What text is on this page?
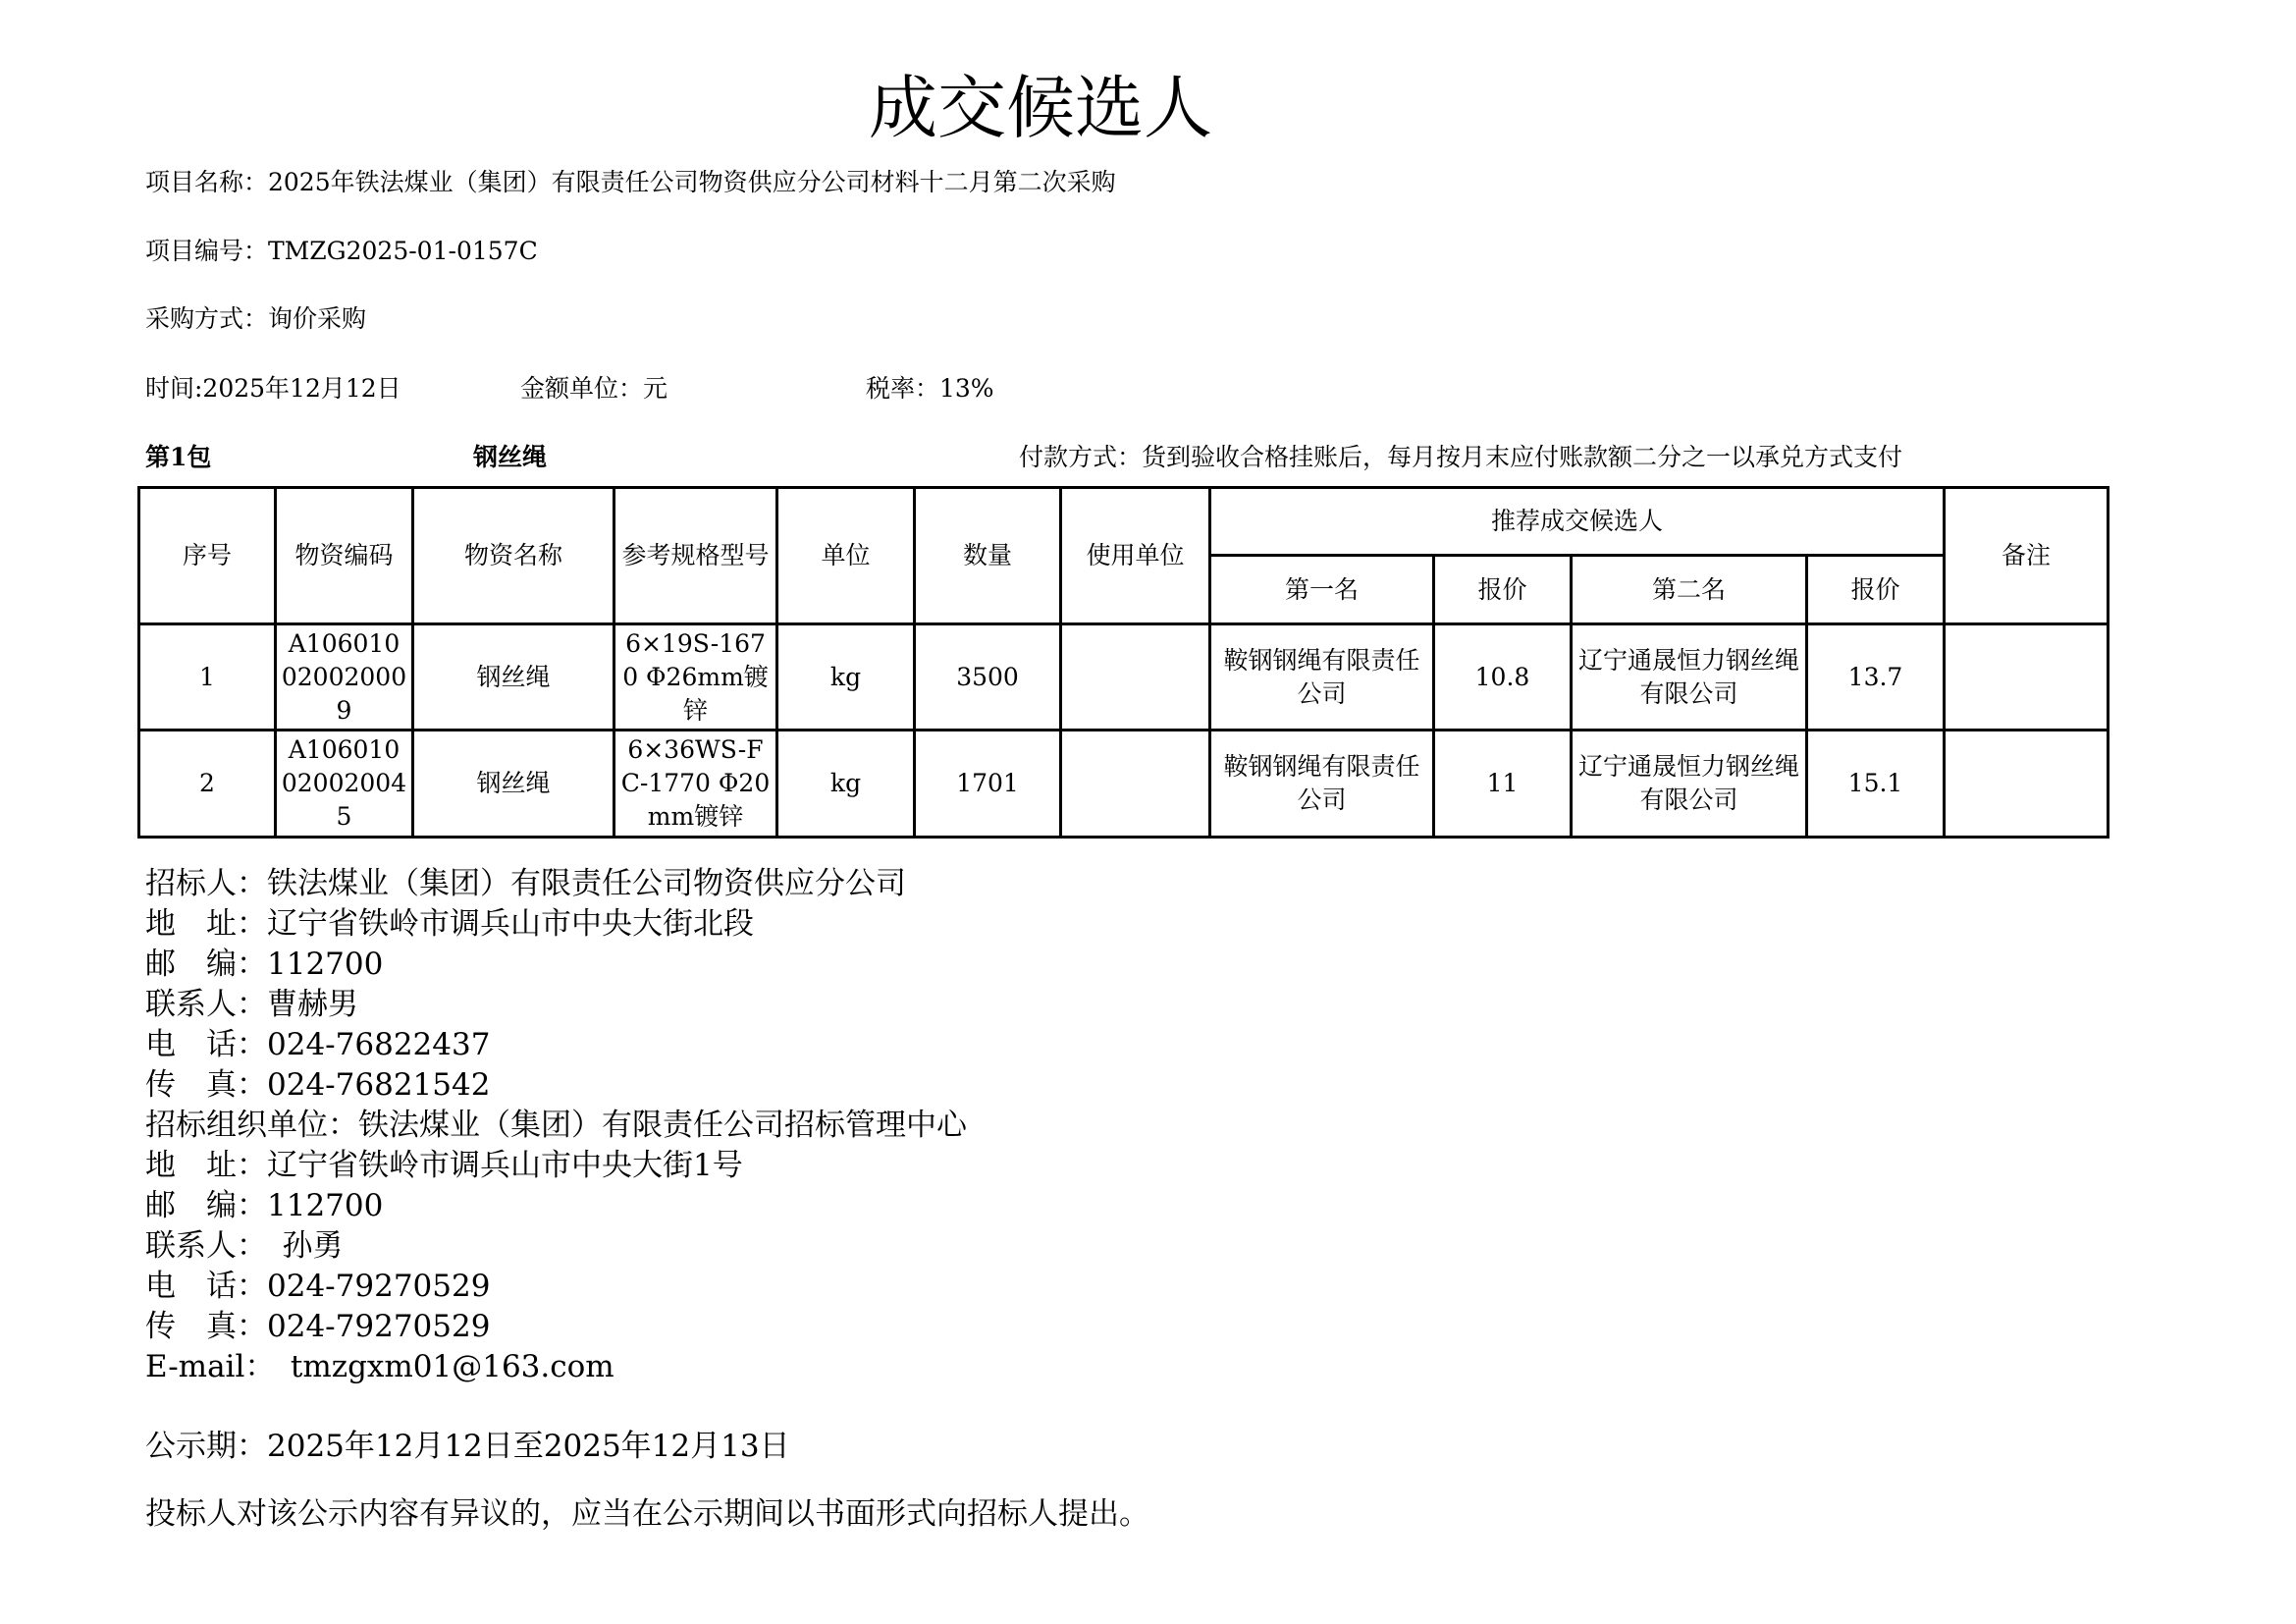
成交候选人
项目名称：2025年铁法煤业（集团）有限责任公司物资供应分公司材料十二月第二次采购
项目编号：TMZG2025-01-0157C
采购方式：询价采购
时间:2025年12月12日	金额单位：元	税率：13%
第1包	钢丝绳	付款方式：货到验收合格挂账后，每月按月末应付账款额二分之一以承兑方式支付
序号	物资编码	物资名称	参考规格型号	单位	数量	使用单位	推荐成交候选人				备注
							第一名	报价	第二名	报价	
1	A106010020020009	钢丝绳	6×19S-1670 Φ26mm镀锌	kg	3500		鞍钢钢绳有限责任公司	10.8	辽宁通晟恒力钢丝绳有限公司	13.7	
2	A106010020020045	钢丝绳	6×36WS-FC-1770 Φ20mm镀锌	kg	1701		鞍钢钢绳有限责任公司	11	辽宁通晟恒力钢丝绳有限公司	15.1	
招标人：铁法煤业（集团）有限责任公司物资供应分公司
地　址：辽宁省铁岭市调兵山市中央大街北段
邮　编：112700
联系人：曹赫男
电　话：024-76822437
传　真：024-76821542
招标组织单位：铁法煤业（集团）有限责任公司招标管理中心
地　址：辽宁省铁岭市调兵山市中央大街1号
邮　编：112700
联系人：　孙勇
电　话：024-79270529
传　真：024-79270529
E-mail：　tmzgxm01@163.com
公示期：2025年12月12日至2025年12月13日
投标人对该公示内容有异议的，应当在公示期间以书面形式向招标人提出。
